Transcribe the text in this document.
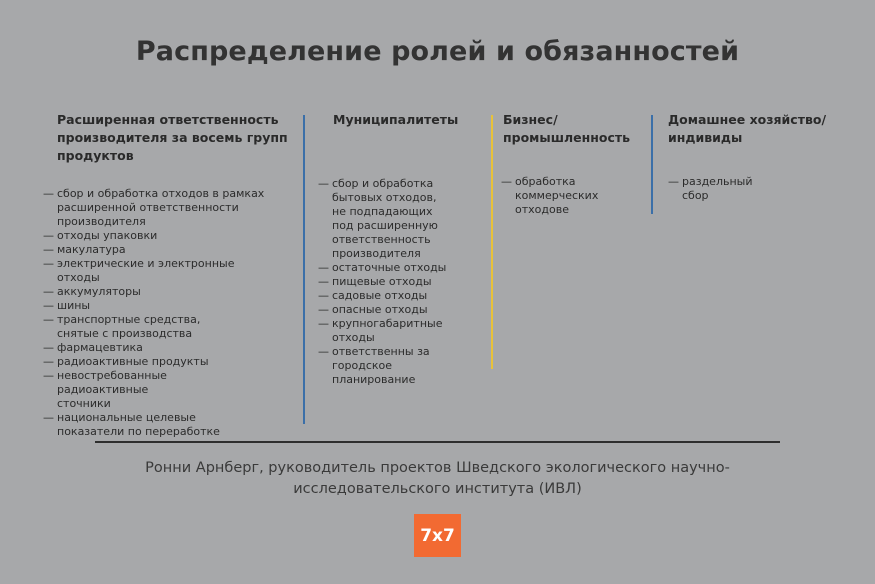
Распределение ролей и обязанностей
Расширенная ответственность производителя за восемь групп продуктов
— сбор и обработка отходов в рамках расширенной ответственности производителя
— отходы упаковки
— макулатура
— электрические и электронные отходы
— аккумуляторы
— шины
— транспортные средства, снятые с производства
— фармацевтика
— радиоактивные продукты
— невостребованные радиоактивные сточники
— национальные целевые показатели по переработке
Муниципалитеты
— сбор и обработка бытовых отходов, не подпадающих под расширенную ответственность производителя
— остаточные отходы
— пищевые отходы
— садовые отходы
— опасные отходы
— крупногабаритные отходы
— ответственны за городское планирование
Бизнес/ промышленность
— обработка коммерческих отходове
Домашнее хозяйство/ индивиды
— раздельный сбор
Ронни Арнберг, руководитель проектов Шведского экологического научно-исследовательского института (ИВЛ)
7x7
